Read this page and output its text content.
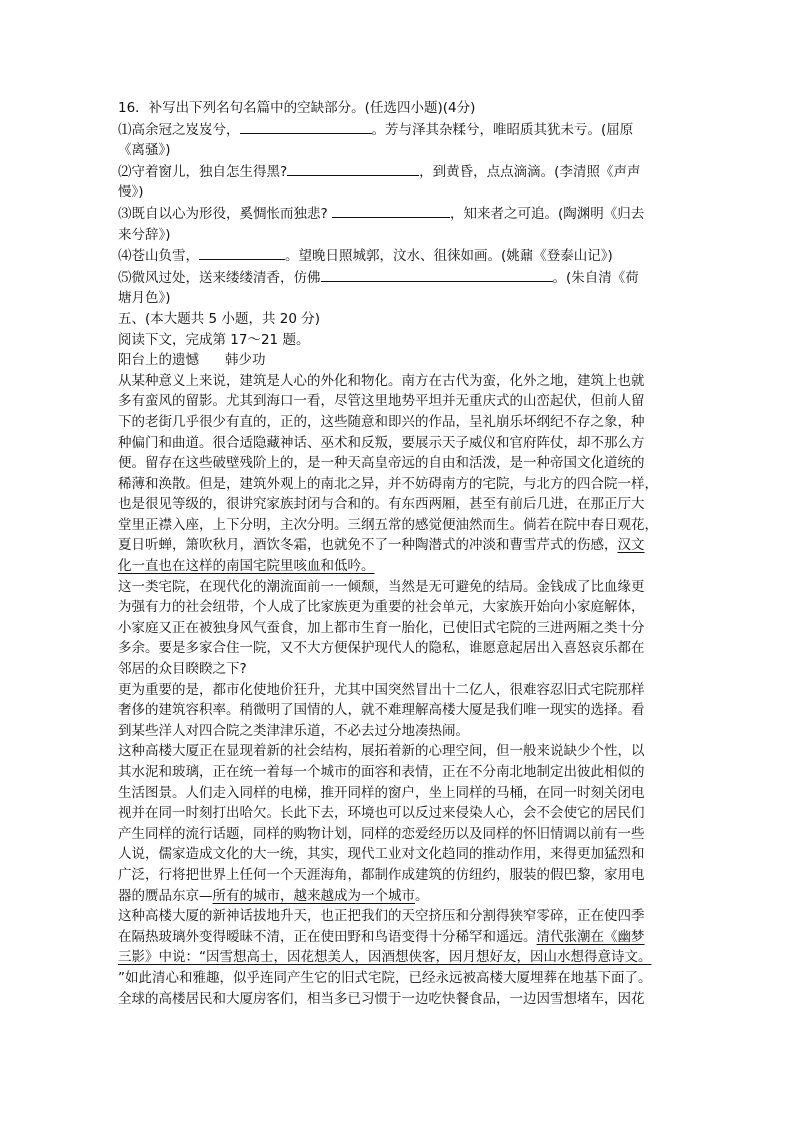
16．补写出下列名句名篇中的空缺部分。(任选四小题)(4分)

⑴高余冠之岌岌兮，	。芳与泽其杂糅兮，唯昭质其犹未亏。(屈原

《离骚》)

⑵守着窗儿，独自怎生得黑?	，到黄昏，点点滴滴。(李清照《声声

慢》)

⑶既自以心为形役，奚惆怅而独悲?	，知来者之可追。(陶渊明《归去

来兮辞》)

⑷苍山负雪，	。望晚日照城郭，汶水、徂徕如画。(姚鼐《登泰山记》)

⑸微风过处，送来缕缕清香，仿佛	。(朱自清《荷

塘月色》)

五、(本大题共 5 小题，共 20 分)

阅读下文，完成第 17～21 题。

阳台上的遗憾 韩少功

从某种意义上来说，建筑是人心的外化和物化。南方在古代为蛮，化外之地，建筑上也就

多有蛮风的留影。尤其到海口一看，尽管这里地势平坦并无重庆式的山峦起伏，但前人留

下的老街几乎很少有直的，正的，这些随意和即兴的作品，呈礼崩乐坏纲纪不存之象，种

种偏门和曲道。很合适隐藏神话、巫术和反叛，要展示天子威仪和官府阵仗，却不那么方

便。留存在这些破壁残阶上的，是一种天高皇帝远的自由和活泼，是一种帝国文化道统的

稀薄和涣散。但是，建筑外观上的南北之异，并不妨碍南方的宅院，与北方的四合院一样，

也是很见等级的，很讲究家族封闭与合和的。有东西两厢，甚至有前后几进，在那正厅大

堂里正襟入座，上下分明，主次分明。三纲五常的感觉便油然而生。倘若在院中春日观花，

夏日听蝉，箫吹秋月，酒饮冬霜，也就免不了一种陶潜式的冲淡和曹雪芹式的伤感，汉文

化一直也在这样的南国宅院里咳血和低吟。

这一类宅院，在现代化的潮流面前一一倾颓，当然是无可避免的结局。金钱成了比血缘更

为强有力的社会纽带，个人成了比家族更为重要的社会单元，大家族开始向小家庭解体，

小家庭又正在被独身风气蚕食，加上都市生育一胎化，已使旧式宅院的三进两厢之类十分

多余。要是多家合住一院，又不大方便保护现代人的隐私，谁愿意起居出入喜怒哀乐都在

邻居的众目睽睽之下?

更为重要的是，都市化使地价狂升，尤其中国突然冒出十二亿人，很难容忍旧式宅院那样

奢侈的建筑容积率。稍微明了国情的人，就不难理解高楼大厦是我们唯一现实的选择。看

到某些洋人对四合院之类津津乐道，不必去过分地凑热闹。

这种高楼大厦正在显现着新的社会结构，展拓着新的心理空间，但一般来说缺少个性，以

其水泥和玻璃，正在统一着每一个城市的面容和表情，正在不分南北地制定出彼此相似的

生活图景。人们走入同样的电梯，推开同样的窗户，坐上同样的马桶，在同一时刻关闭电

视并在同一时刻打出哈欠。长此下去，环境也可以反过来侵染人心，会不会使它的居民们

产生同样的流行话题，同样的购物计划，同样的恋爱经历以及同样的怀旧情调以前有一些

人说，儒家造成文化的大一统，其实，现代工业对文化趋同的推动作用，来得更加猛烈和

广泛，行将把世界上任何一个天涯海角，都制作成建筑的仿纽约，服装的假巴黎，家用电

器的赝品东京—所有的城市，越来越成为一个城市。

这种高楼大厦的新神话拔地升天，也正把我们的天空挤压和分割得狭窄零碎，正在使四季

在隔热玻璃外变得暧昧不清，正在使田野和鸟语变得十分稀罕和遥远。清代张潮在《幽梦

三影》中说：“因雪想高士，因花想美人，因酒想侠客，因月想好友，因山水想得意诗文。

”如此清心和雅趣，似乎连同产生它的旧式宅院，已经永远被高楼大厦埋葬在地基下面了。

全球的高楼居民和大厦房客们，相当多已习惯于一边吃快餐食品，一边因雪想堵车，因花
